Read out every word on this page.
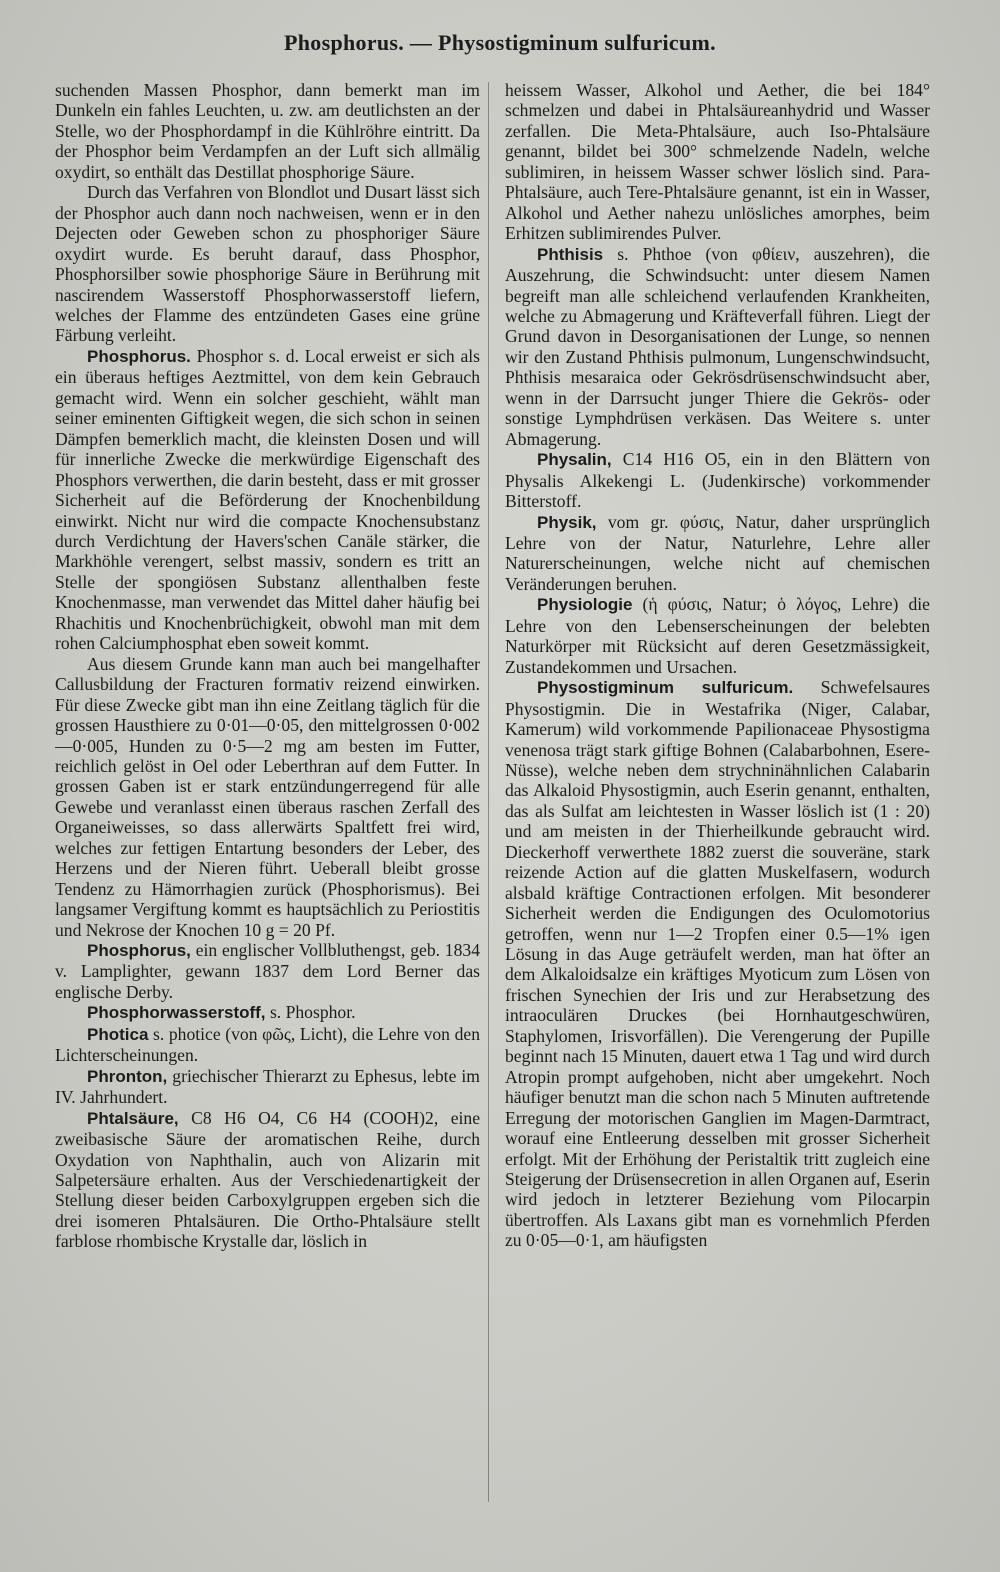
Phosphorus. — Physostigminum sulfuricum.

suchenden Massen Phosphor, dann bemerkt man im Dunkeln ein fahles Leuchten, u. zw. am deutlichsten an der Stelle, wo der Phosphordampf in die Kühlröhre eintritt. Da der Phosphor beim Verdampfen an der Luft sich allmälig oxydirt, so enthält das Destillat phosphorige Säure.

Durch das Verfahren von Blondlot und Dusart lässt sich der Phosphor auch dann noch nachweisen, wenn er in den Dejecten oder Geweben schon zu phosphoriger Säure oxydirt wurde. Es beruht darauf, dass Phosphor, Phosphorsilber sowie phosphorige Säure in Berührung mit nascirendem Wasserstoff Phosphorwasserstoff liefern, welches der Flamme des entzündeten Gases eine grüne Färbung verleiht.

Phosphorus. Phosphor s. d. Local erweist er sich als ein überaus heftiges Aeztmittel, von dem kein Gebrauch gemacht wird. Wenn ein solcher geschieht, wählt man seiner eminenten Giftigkeit wegen, die sich schon in seinen Dämpfen bemerklich macht, die kleinsten Dosen und will für innerliche Zwecke die merkwürdige Eigenschaft des Phosphors verwerthen, die darin besteht, dass er mit grosser Sicherheit auf die Beförderung der Knochenbildung einwirkt. Nicht nur wird die compacte Knochensubstanz durch Verdichtung der Havers'schen Canäle stärker, die Markhöhle verengert, selbst massiv, sondern es tritt an Stelle der spongiösen Substanz allenthalben feste Knochenmasse, man verwendet das Mittel daher häufig bei Rhachitis und Knochenbrüchigkeit, obwohl man mit dem rohen Calciumphosphat eben soweit kommt.

Aus diesem Grunde kann man auch bei mangelhafter Callusbildung der Fracturen formativ reizend einwirken. Für diese Zwecke gibt man ihn eine Zeitlang täglich für die grossen Hausthiere zu 0·01—0·05, den mittelgrossen 0·002—0·005, Hunden zu 0·5—2 mg am besten im Futter, reichlich gelöst in Oel oder Leberthran auf dem Futter. In grossen Gaben ist er stark entzündungerregend für alle Gewebe und veranlasst einen überaus raschen Zerfall des Organeiweisses, so dass allerwärts Spaltfett frei wird, welches zur fettigen Entartung besonders der Leber, des Herzens und der Nieren führt. Ueberall bleibt grosse Tendenz zu Hämorrhagien zurück (Phosphorismus). Bei langsamer Vergiftung kommt es hauptsächlich zu Periostitis und Nekrose der Knochen 10 g = 20 Pf.

Phosphorus, ein englischer Vollbluthengst, geb. 1834 v. Lamplighter, gewann 1837 dem Lord Berner das englische Derby.

Phosphorwasserstoff, s. Phosphor.

Photica s. photice (von φῶς, Licht), die Lehre von den Lichterscheinungen.

Phronton, griechischer Thierarzt zu Ephesus, lebte im IV. Jahrhundert.

Phtalsäure, C8 H6 O4, C6 H4 (COOH)2, eine zweibasische Säure der aromatischen Reihe, durch Oxydation von Naphthalin, auch von Alizarin mit Salpetersäure erhalten. Aus der Verschiedenartigkeit der Stellung dieser beiden Carboxylgruppen ergeben sich die drei isomeren Phtalsäuren. Die Ortho-Phtalsäure stellt farblose rhombische Krystalle dar, löslich in

heissem Wasser, Alkohol und Aether, die bei 184° schmelzen und dabei in Phtalsäureanhydrid und Wasser zerfallen. Die Meta-Phtalsäure, auch Iso-Phtalsäure genannt, bildet bei 300° schmelzende Nadeln, welche sublimiren, in heissem Wasser schwer löslich sind. Para-Phtalsäure, auch Tere-Phtalsäure genannt, ist ein in Wasser, Alkohol und Aether nahezu unlösliches amorphes, beim Erhitzen sublimirendes Pulver.

Phthisis s. Phthoe (von φθίειν, auszehren), die Auszehrung, die Schwindsucht: unter diesem Namen begreift man alle schleichend verlaufenden Krankheiten, welche zu Abmagerung und Kräfteverfall führen. Liegt der Grund davon in Desorganisationen der Lunge, so nennen wir den Zustand Phthisis pulmonum, Lungenschwindsucht, Phthisis mesaraica oder Gekrösdrüsenschwindsucht aber, wenn in der Darrsucht junger Thiere die Gekrös- oder sonstige Lymphdrüsen verkäsen. Das Weitere s. unter Abmagerung.

Physalin, C14 H16 O5, ein in den Blättern von Physalis Alkekengi L. (Judenkirsche) vorkommender Bitterstoff.

Physik, vom gr. φύσις, Natur, daher ursprünglich Lehre von der Natur, Naturlehre, Lehre aller Naturerscheinungen, welche nicht auf chemischen Veränderungen beruhen.

Physiologie (ἡ φύσις, Natur; ὁ λόγος, Lehre) die Lehre von den Lebenserscheinungen der belebten Naturkörper mit Rücksicht auf deren Gesetzmässigkeit, Zustandekommen und Ursachen.

Physostigminum sulfuricum. Schwefelsaures Physostigmin. Die in Westafrika (Niger, Calabar, Kamerum) wild vorkommende Papilionaceae Physostigma venenosa trägt stark giftige Bohnen (Calabarbohnen, Esere-Nüsse), welche neben dem strychninähnlichen Calabarin das Alkaloid Physostigmin, auch Eserin genannt, enthalten, das als Sulfat am leichtesten in Wasser löslich ist (1 : 20) und am meisten in der Thierheilkunde gebraucht wird. Dieckerhoff verwerthete 1882 zuerst die souveräne, stark reizende Action auf die glatten Muskelfasern, wodurch alsbald kräftige Contractionen erfolgen. Mit besonderer Sicherheit werden die Endigungen des Oculomotorius getroffen, wenn nur 1—2 Tropfen einer 0.5—1% igen Lösung in das Auge geträufelt werden, man hat öfter an dem Alkaloidsalze ein kräftiges Myoticum zum Lösen von frischen Synechien der Iris und zur Herabsetzung des intraoculären Druckes (bei Hornhautgeschwüren, Staphylomen, Irisvorfällen). Die Verengerung der Pupille beginnt nach 15 Minuten, dauert etwa 1 Tag und wird durch Atropin prompt aufgehoben, nicht aber umgekehrt. Noch häufiger benutzt man die schon nach 5 Minuten auftretende Erregung der motorischen Ganglien im Magen-Darmtract, worauf eine Entleerung desselben mit grosser Sicherheit erfolgt. Mit der Erhöhung der Peristaltik tritt zugleich eine Steigerung der Drüsensecretion in allen Organen auf, Eserin wird jedoch in letzterer Beziehung vom Pilocarpin übertroffen. Als Laxans gibt man es vornehmlich Pferden zu 0·05—0·1, am häufigsten
